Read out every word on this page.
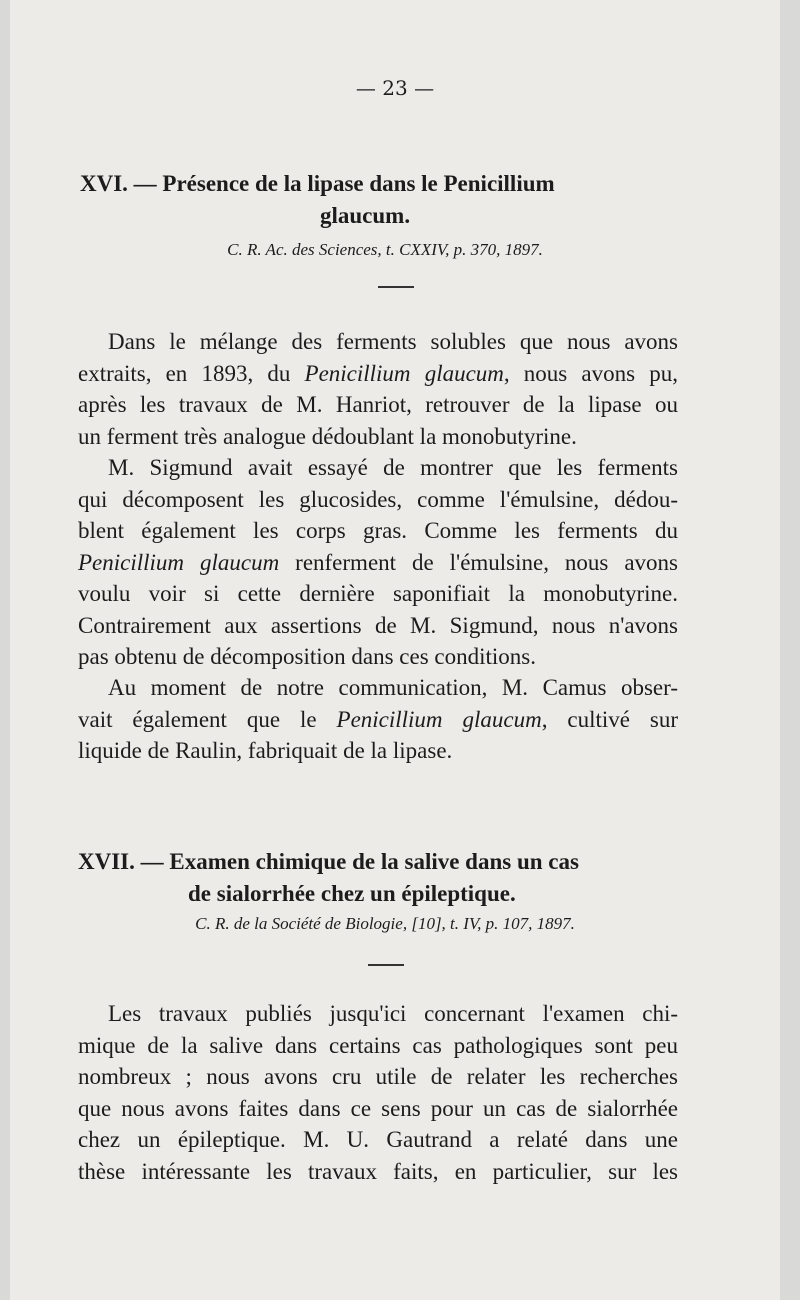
— 23 —
XVI. — Présence de la lipase dans le Penicillium
glaucum.
C. R. Ac. des Sciences, t. CXXIV, p. 370, 1897.
Dans le mélange des ferments solubles que nous avons
extraits, en 1893, du Penicillium glaucum, nous avons pu,
après les travaux de M. Hanriot, retrouver de la lipase ou
un ferment très analogue dédoublant la monobutyrine.
M. Sigmund avait essayé de montrer que les ferments
qui décomposent les glucosides, comme l'émulsine, dédou-
blent également les corps gras. Comme les ferments du
Penicillium glaucum renferment de l'émulsine, nous avons
voulu voir si cette dernière saponifiait la monobutyrine.
Contrairement aux assertions de M. Sigmund, nous n'avons
pas obtenu de décomposition dans ces conditions.
Au moment de notre communication, M. Camus obser-
vait également que le Penicillium glaucum, cultivé sur
liquide de Raulin, fabriquait de la lipase.
XVII. — Examen chimique de la salive dans un cas
de sialorrhée chez un épileptique.
C. R. de la Société de Biologie, [10], t. IV, p. 107, 1897.
Les travaux publiés jusqu'ici concernant l'examen chi-
mique de la salive dans certains cas pathologiques sont peu
nombreux ; nous avons cru utile de relater les recherches
que nous avons faites dans ce sens pour un cas de sialorrhée
chez un épileptique. M. U. Gautrand a relaté dans une
thèse intéressante les travaux faits, en particulier, sur les
